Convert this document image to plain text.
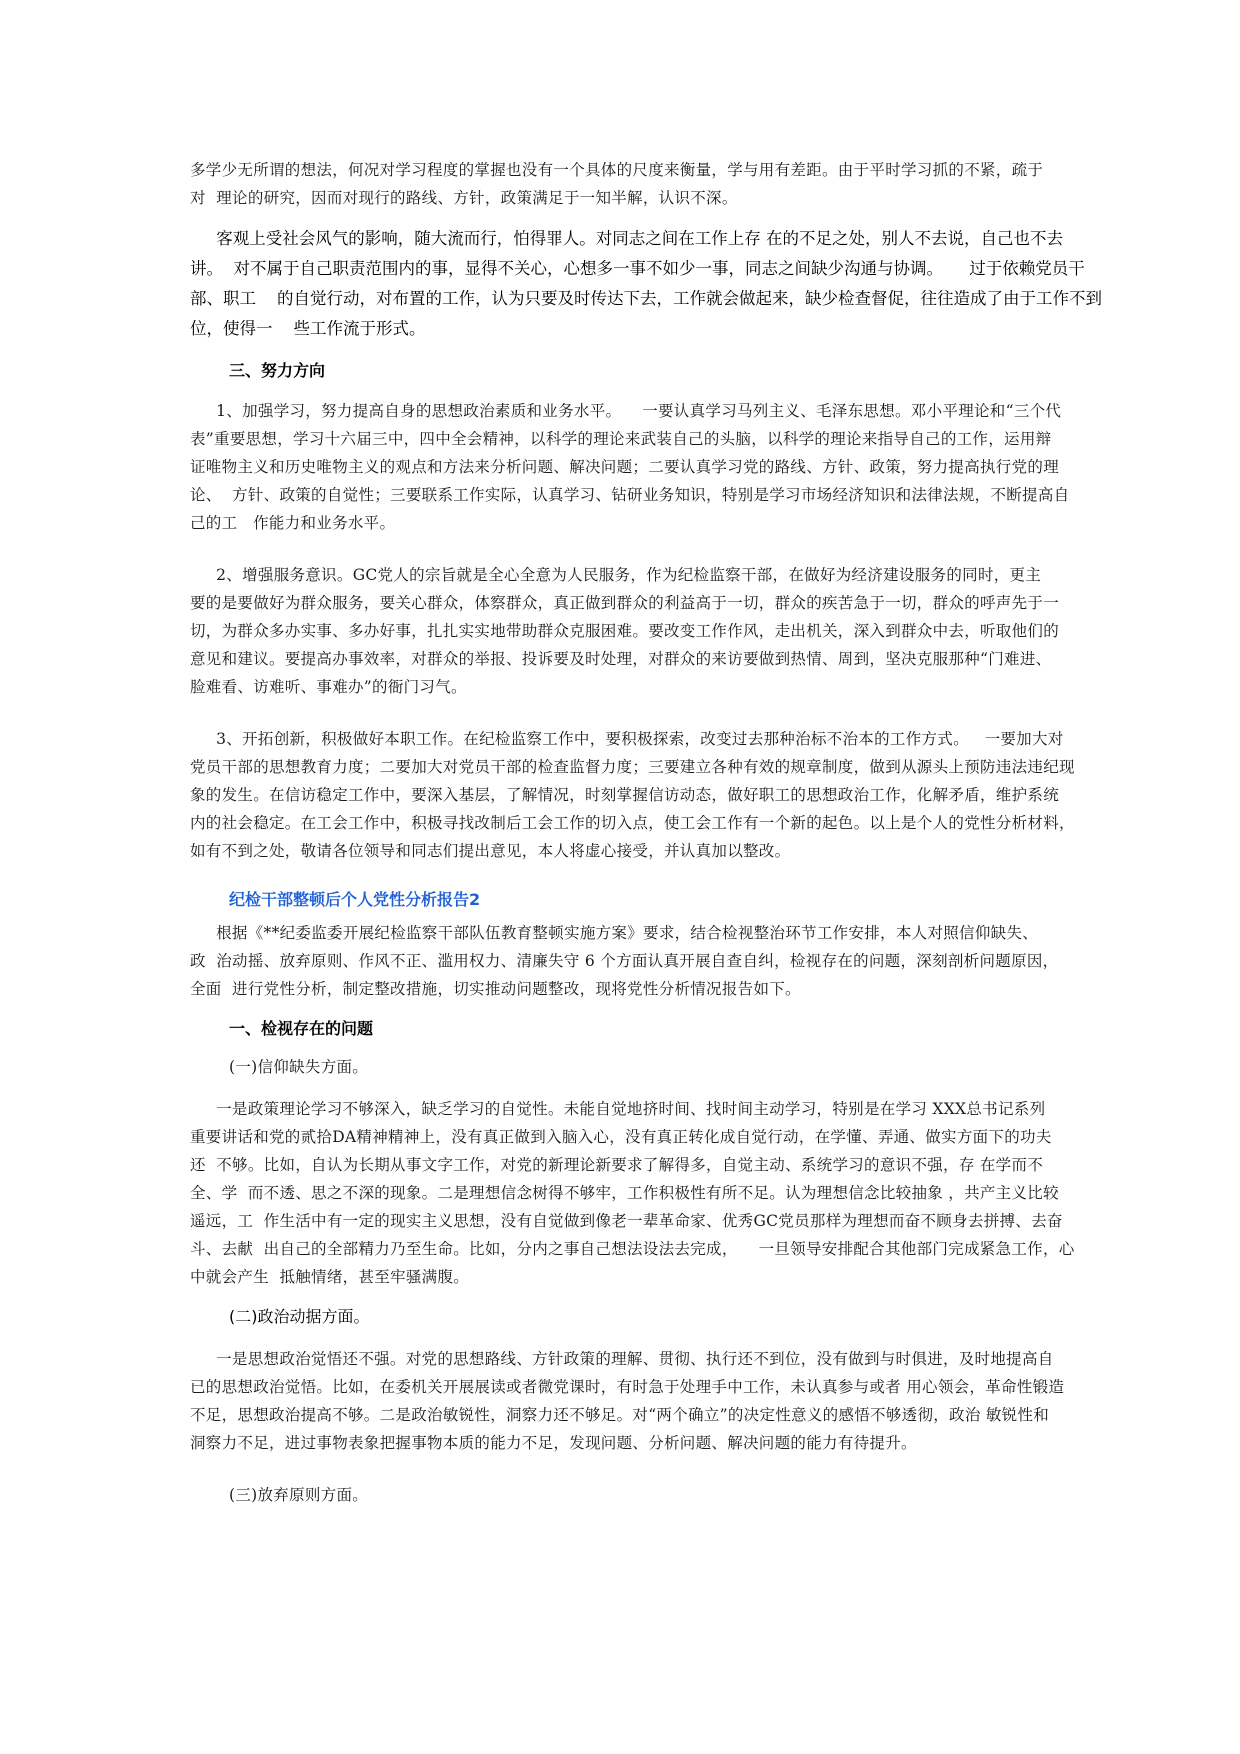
多学少无所谓的想法，何况对学习程度的掌握也没有一个具体的尺度来衡量，学与用有差距。由于平时学习抓的不紧，疏于

对  理论的研究，因而对现行的路线、方针，政策满足于一知半解，认识不深。

客观上受社会风气的影响，随大流而行，怕得罪人。对同志之间在工作上存 在的不足之处，别人不去说，自己也不去

讲。  对不属于自己职责范围内的事，显得不关心，心想多一事不如少一事，同志之间缺少沟通与协调。     过于依赖党员干

部、职工    的自觉行动，对布置的工作，认为只要及时传达下去，工作就会做起来，缺少检查督促，往往造成了由于工作不到

位，使得一    些工作流于形式。

三、努力方向

1、加强学习，努力提高自身的思想政治素质和业务水平。    一要认真学习马列主义、毛泽东思想。邓小平理论和“三个代

表”重要思想，学习十六届三中，四中全会精神，以科学的理论来武装自己的头脑，以科学的理论来指导自己的工作，运用辩

证唯物主义和历史唯物主义的观点和方法来分析问题、解决问题；二要认真学习党的路线、方针、政策，努力提高执行党的理

论、  方针、政策的自觉性；三要联系工作实际，认真学习、钻研业务知识，特别是学习市场经济知识和法律法规，不断提高自

己的工   作能力和业务水平。

2、增强服务意识。GC党人的宗旨就是全心全意为人民服务，作为纪检监察干部，在做好为经济建设服务的同时，更主

要的是要做好为群众服务，要关心群众，体察群众，真正做到群众的利益高于一切，群众的疾苦急于一切，群众的呼声先于一

切，为群众多办实事、多办好事，扎扎实实地带助群众克服困难。要改变工作作风，走出机关，深入到群众中去，听取他们的

意见和建议。要提高办事效率，对群众的举报、投诉要及时处理，对群众的来访要做到热情、周到，坚决克服那种“门难进、

脸难看、访难听、事难办”的衙门习气。

3、开拓创新，积极做好本职工作。在纪检监察工作中，要积极探索，改变过去那种治标不治本的工作方式。   一要加大对

党员干部的思想教育力度；二要加大对党员干部的检查监督力度；三要建立各种有效的规章制度，做到从源头上预防违法违纪现

象的发生。在信访稳定工作中，要深入基层，了解情况，时刻掌握信访动态，做好职工的思想政治工作，化解矛盾，维护系统

内的社会稳定。在工会工作中，积极寻找改制后工会工作的切入点，使工会工作有一个新的起色。以上是个人的党性分析材料，

如有不到之处，敬请各位领导和同志们提出意见，本人将虚心接受，并认真加以整改。

纪检干部整顿后个人党性分析报告2

根据《**纪委监委开展纪检监察干部队伍教育整顿实施方案》要求，结合检视整治环节工作安排，本人对照信仰缺失、

政  治动摇、放弃原则、作风不正、滥用权力、清廉失守 6 个方面认真开展自查自纠，检视存在的问题，深刻剖析问题原因，

全面  进行党性分析，制定整改措施，切实推动问题整改，现将党性分析情况报告如下。

一、检视存在的问题

(一)信仰缺失方面。

一是政策理论学习不够深入，缺乏学习的自觉性。未能自觉地挤时间、找时间主动学习，特别是在学习 XXX总书记系列

重要讲话和党的贰拾DA精神精神上，没有真正做到入脑入心，没有真正转化成自觉行动，在学懂、弄通、做实方面下的功夫

还  不够。比如，自认为长期从事文字工作，对党的新理论新要求了解得多，自觉主动、系统学习的意识不强，存 在学而不

全、学  而不透、思之不深的现象。二是理想信念树得不够牢，工作积极性有所不足。认为理想信念比较抽象 ，共产主义比较

遥远，工  作生活中有一定的现实主义思想，没有自觉做到像老一辈革命家、优秀GC党员那样为理想而奋不顾身去拼搏、去奋

斗、去献  出自己的全部精力乃至生命。比如，分内之事自己想法设法去完成，    一旦领导安排配合其他部门完成紧急工作，心

中就会产生  抵触情绪，甚至牢骚满腹。

(二)政治动据方面。

一是思想政治觉悟还不强。对党的思想路线、方针政策的理解、贯彻、执行还不到位，没有做到与时俱进，及时地提高自

已的思想政治觉悟。比如，在委机关开展展读或者微党课时，有时急于处理手中工作，未认真参与或者 用心领会，革命性锻造

不足，思想政治提高不够。二是政治敏锐性，洞察力还不够足。对“两个确立”的决定性意义的感悟不够透彻，政治 敏锐性和

洞察力不足，进过事物表象把握事物本质的能力不足，发现问题、分析问题、解决问题的能力有待提升。

(三)放弃原则方面。
